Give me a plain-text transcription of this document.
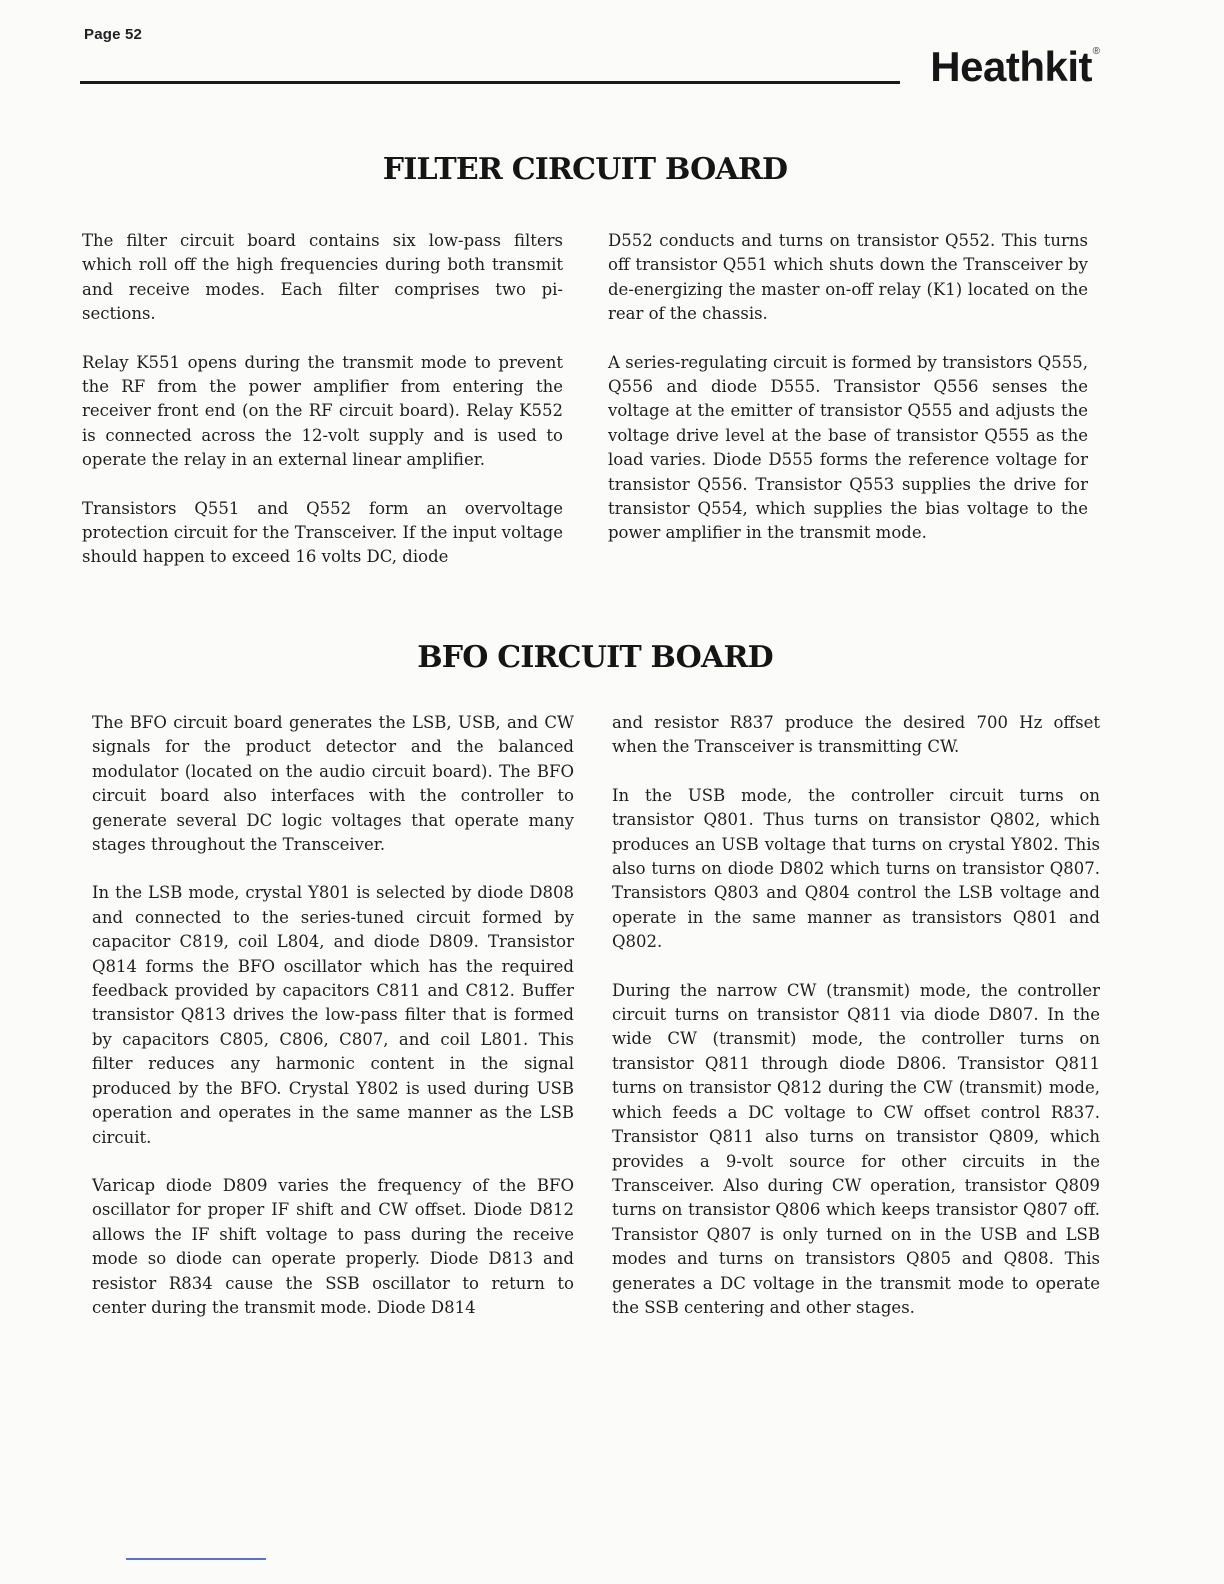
Page 52
Heathkit ®
FILTER CIRCUIT BOARD

The filter circuit board contains six low-pass filters which roll off the high frequencies during both transmit and receive modes. Each filter comprises two pi-sections.

Relay K551 opens during the transmit mode to prevent the RF from the power amplifier from entering the receiver front end (on the RF circuit board). Relay K552 is connected across the 12-volt supply and is used to operate the relay in an external linear amplifier.

Transistors Q551 and Q552 form an overvoltage protection circuit for the Transceiver. If the input voltage should happen to exceed 16 volts DC, diode

D552 conducts and turns on transistor Q552. This turns off transistor Q551 which shuts down the Transceiver by de-energizing the master on-off relay (K1) located on the rear of the chassis.

A series-regulating circuit is formed by transistors Q555, Q556 and diode D555. Transistor Q556 senses the voltage at the emitter of transistor Q555 and adjusts the voltage drive level at the base of transistor Q555 as the load varies. Diode D555 forms the reference voltage for transistor Q556. Transistor Q553 supplies the drive for transistor Q554, which supplies the bias voltage to the power amplifier in the transmit mode.

BFO CIRCUIT BOARD

The BFO circuit board generates the LSB, USB, and CW signals for the product detector and the balanced modulator (located on the audio circuit board). The BFO circuit board also interfaces with the controller to generate several DC logic voltages that operate many stages throughout the Transceiver.

In the LSB mode, crystal Y801 is selected by diode D808 and connected to the series-tuned circuit formed by capacitor C819, coil L804, and diode D809. Transistor Q814 forms the BFO oscillator which has the required feedback provided by capacitors C811 and C812. Buffer transistor Q813 drives the low-pass filter that is formed by capacitors C805, C806, C807, and coil L801. This filter reduces any harmonic content in the signal produced by the BFO. Crystal Y802 is used during USB operation and operates in the same manner as the LSB circuit.

Varicap diode D809 varies the frequency of the BFO oscillator for proper IF shift and CW offset. Diode D812 allows the IF shift voltage to pass during the receive mode so diode can operate properly. Diode D813 and resistor R834 cause the SSB oscillator to return to center during the transmit mode. Diode D814

and resistor R837 produce the desired 700 Hz offset when the Transceiver is transmitting CW.

In the USB mode, the controller circuit turns on transistor Q801. Thus turns on transistor Q802, which produces an USB voltage that turns on crystal Y802. This also turns on diode D802 which turns on transistor Q807. Transistors Q803 and Q804 control the LSB voltage and operate in the same manner as transistors Q801 and Q802.

During the narrow CW (transmit) mode, the controller circuit turns on transistor Q811 via diode D807. In the wide CW (transmit) mode, the controller turns on transistor Q811 through diode D806. Transistor Q811 turns on transistor Q812 during the CW (transmit) mode, which feeds a DC voltage to CW offset control R837. Transistor Q811 also turns on transistor Q809, which provides a 9-volt source for other circuits in the Transceiver. Also during CW operation, transistor Q809 turns on transistor Q806 which keeps transistor Q807 off. Transistor Q807 is only turned on in the USB and LSB modes and turns on transistors Q805 and Q808. This generates a DC voltage in the transmit mode to operate the SSB centering and other stages.
